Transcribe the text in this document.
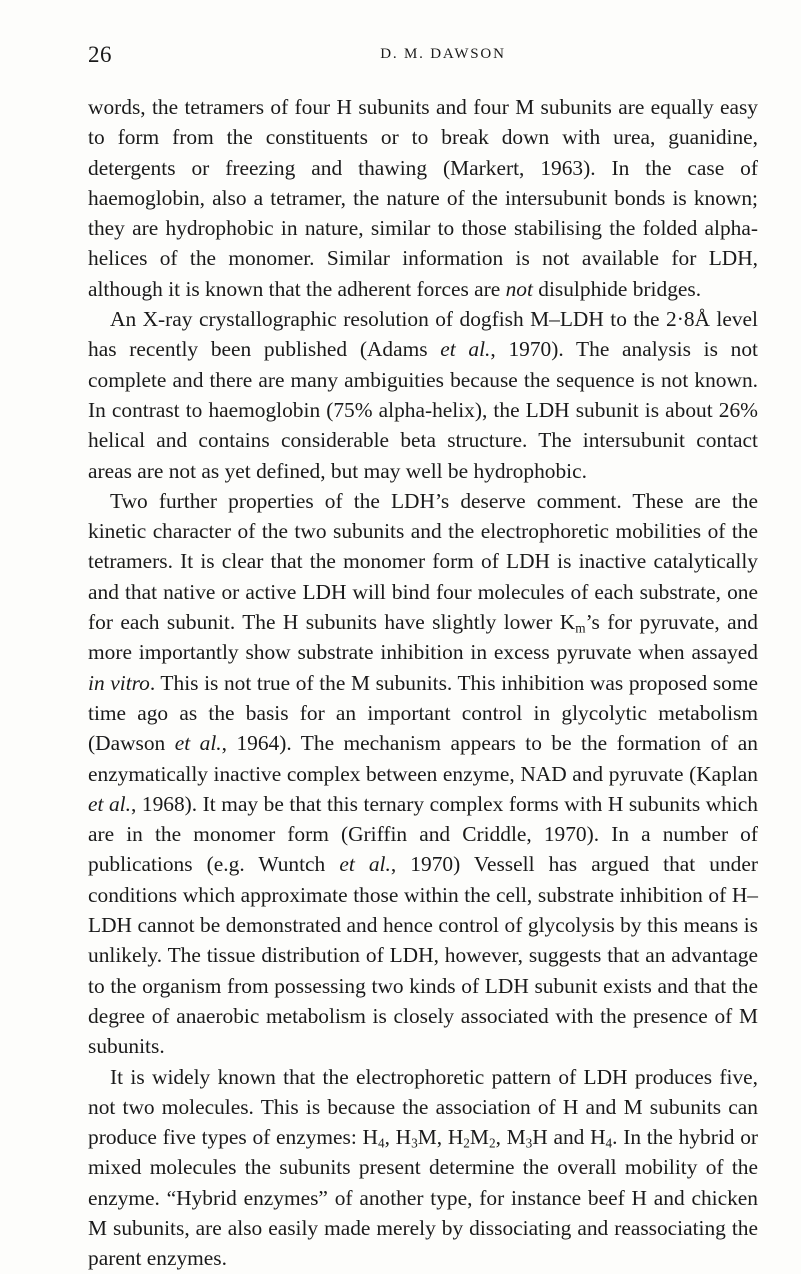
26	D. M. DAWSON

words, the tetramers of four H subunits and four M subunits are equally easy to form from the constituents or to break down with urea, guanidine, detergents or freezing and thawing (Markert, 1963). In the case of haemoglobin, also a tetramer, the nature of the intersubunit bonds is known; they are hydrophobic in nature, similar to those stabilising the folded alpha-helices of the monomer. Similar information is not available for LDH, although it is known that the adherent forces are not disulphide bridges.

An X-ray crystallographic resolution of dogfish M–LDH to the 2·8Å level has recently been published (Adams et al., 1970). The analysis is not complete and there are many ambiguities because the sequence is not known. In contrast to haemoglobin (75% alpha-helix), the LDH subunit is about 26% helical and contains considerable beta structure. The intersubunit contact areas are not as yet defined, but may well be hydrophobic.

Two further properties of the LDH’s deserve comment. These are the kinetic character of the two subunits and the electrophoretic mobilities of the tetramers. It is clear that the monomer form of LDH is inactive catalytically and that native or active LDH will bind four molecules of each substrate, one for each subunit. The H subunits have slightly lower $K_m’s$ for pyruvate, and more importantly show substrate inhibition in excess pyruvate when assayed in vitro. This is not true of the M subunits. This inhibition was proposed some time ago as the basis for an important control in glycolytic metabolism (Dawson et al., 1964). The mechanism appears to be the formation of an enzymatically inactive complex between enzyme, NAD and pyruvate (Kaplan et al., 1968). It may be that this ternary complex forms with H subunits which are in the monomer form (Griffin and Criddle, 1970). In a number of publications (e.g. Wuntch et al., 1970) Vessell has argued that under conditions which approximate those within the cell, substrate inhibition of H–LDH cannot be demonstrated and hence control of glycolysis by this means is unlikely. The tissue distribution of LDH, however, suggests that an advantage to the organism from possessing two kinds of LDH subunit exists and that the degree of anaerobic metabolism is closely associated with the presence of M subunits.

It is widely known that the electrophoretic pattern of LDH produces five, not two molecules. This is because the association of H and M subunits can produce five types of enzymes: $H_4$, $H_3M$, $H_2M_2$, $M_3H$ and $H_4$. In the hybrid or mixed molecules the subunits present determine the overall mobility of the enzyme. “Hybrid enzymes” of another type, for instance beef H and chicken M subunits, are also easily made merely by dissociating and reassociating the parent enzymes.
